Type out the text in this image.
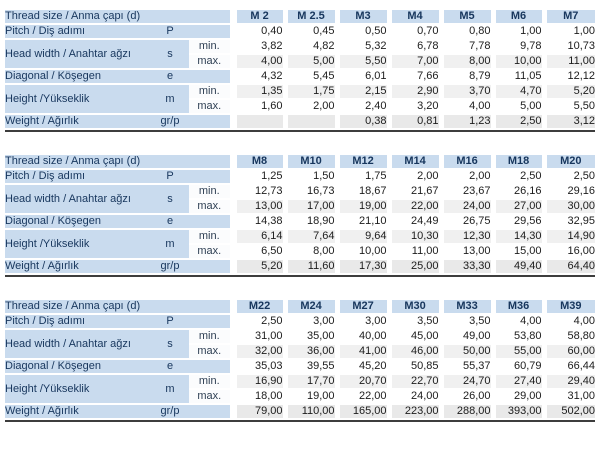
Thread size / Anma çapı (d)			M 2	M 2.5	M3	M4	M5	M6	M7
Pitch / Diş adımı	P		0,40	0,45	0,50	0,70	0,80	1,00	1,00
Head width / Anahtar ağzı	s	min.	3,82	4,82	5,32	6,78	7,78	9,78	10,73
		max.	4,00	5,00	5,50	7,00	8,00	10,00	11,00
Diagonal / Köşegen	e		4,32	5,45	6,01	7,66	8,79	11,05	12,12
Height /Yükseklik	m	min.	1,35	1,75	2,15	2,90	3,70	4,70	5,20
		max.	1,60	2,00	2,40	3,20	4,00	5,00	5,50
Weight / Ağırlık	gr/p				0,38	0,81	1,23	2,50	3,12
Thread size / Anma çapı (d)			M8	M10	M12	M14	M16	M18	M20
Pitch / Diş adımı	P		1,25	1,50	1,75	2,00	2,00	2,50	2,50
Head width / Anahtar ağzı	s	min.	12,73	16,73	18,67	21,67	23,67	26,16	29,16
		max.	13,00	17,00	19,00	22,00	24,00	27,00	30,00
Diagonal / Köşegen	e		14,38	18,90	21,10	24,49	26,75	29,56	32,95
Height /Yükseklik	m	min.	6,14	7,64	9,64	10,30	12,30	14,30	14,90
		max.	6,50	8,00	10,00	11,00	13,00	15,00	16,00
Weight / Ağırlık	gr/p		5,20	11,60	17,30	25,00	33,30	49,40	64,40
Thread size / Anma çapı (d)			M22	M24	M27	M30	M33	M36	M39
Pitch / Diş adımı	P		2,50	3,00	3,00	3,50	3,50	4,00	4,00
Head width / Anahtar ağzı	s	min.	31,00	35,00	40,00	45,00	49,00	53,80	58,80
		max.	32,00	36,00	41,00	46,00	50,00	55,00	60,00
Diagonal / Köşegen	e		35,03	39,55	45,20	50,85	55,37	60,79	66,44
Height /Yükseklik	m	min.	16,90	17,70	20,70	22,70	24,70	27,40	29,40
		max.	18,00	19,00	22,00	24,00	26,00	29,00	31,00
Weight / Ağırlık	gr/p		79,00	110,00	165,00	223,00	288,00	393,00	502,00
